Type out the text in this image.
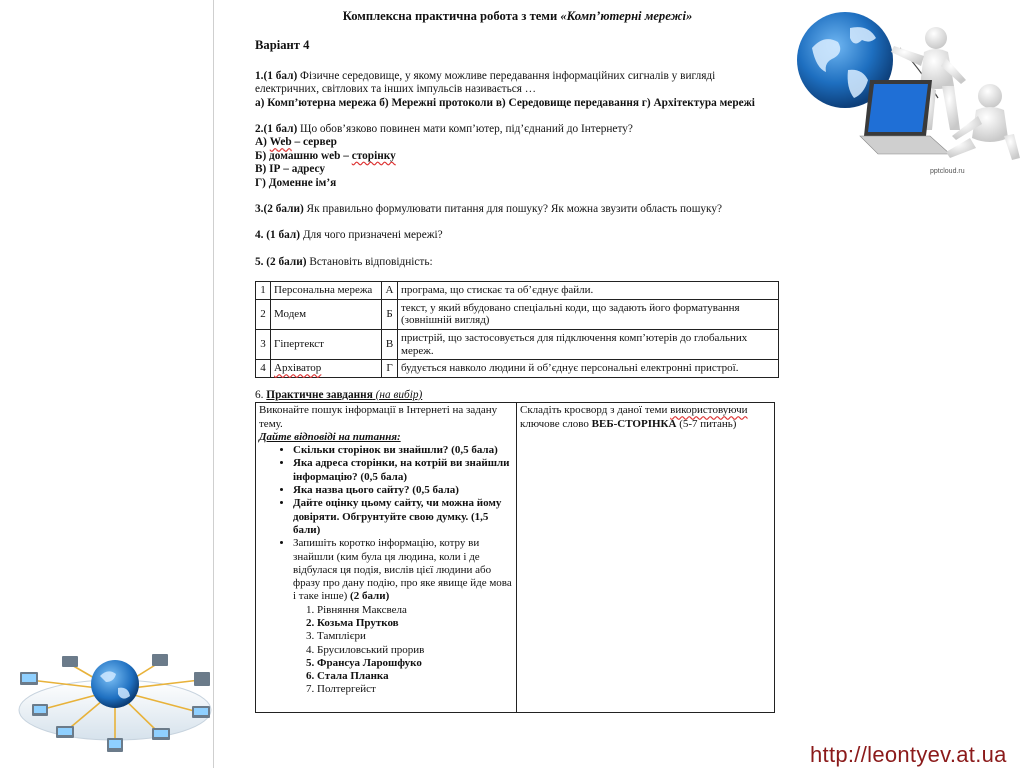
Комплексна практична робота з теми «Комп’ютерні мережі»
Варіант 4

1.(1 бал) Фізичне середовище, у якому можливе передавання інформаційних сигналів у вигляді електричних, світлових та інших імпульсів називається …

а) Комп’ютерна мережа б) Мережні протоколи в) Середовище передавання г) Архітектура мережі

2.(1 бал) Що обов’язково повинен мати комп’ютер, під’єднаний до Інтернету?

А) Web – сервер

Б) домашню web – сторінку

В) ІР – адресу

Г) Доменне ім’я

3.(2 бали) Як правильно формулювати питання для пошуку? Як можна звузити область пошуку?

4. (1 бал) Для чого призначені мережі?

5. (2 бали) Встановіть відповідність:

1	Персональна мережа	А	програма, що стискає та об’єднує файли.
2	Модем	Б	текст, у який вбудовано спеціальні коди, що задають його форматування (зовнішній вигляд)
3	Гіпертекст	В	пристрій, що застосовується для підключення комп’ютерів до глобальних мереж.
4	Архіватор	Г	будується навколо людини й об’єднує персональні електронні пристрої.

6. Практичне завдання (на вибір)

Виконайте пошук інформації в Інтернеті на задану тему.
Дайте відповіді на питання:
• Скільки сторінок ви знайшли? (0,5 бала)
• Яка адреса сторінки, на котрій ви знайшли інформацію? (0,5 бала)
• Яка назва цього сайту? (0,5 бала)
• Дайте оцінку цьому сайту, чи можна йому довіряти. Обгрунтуйте свою думку. (1,5 бали)
• Запишіть коротко інформацію, котру ви знайшли (ким була ця людина, коли і де відбулася ця подія, вислів цієї людини або фразу про дану подію, про яке явище йде мова і таке інше) (2 бали)
1. Рівняння Максвела
2. Козьма Прутков
3. Тамплієри
4. Брусиловський прорив
5. Франсуа Ларошфуко
6. Стала Планка
7. Полтергейст
	Складіть кросворд з даної теми використовуючи ключове слово ВЕБ-СТОРІНКА (5-7 питань)
pptcloud.ru
http://leontyev.at.ua
